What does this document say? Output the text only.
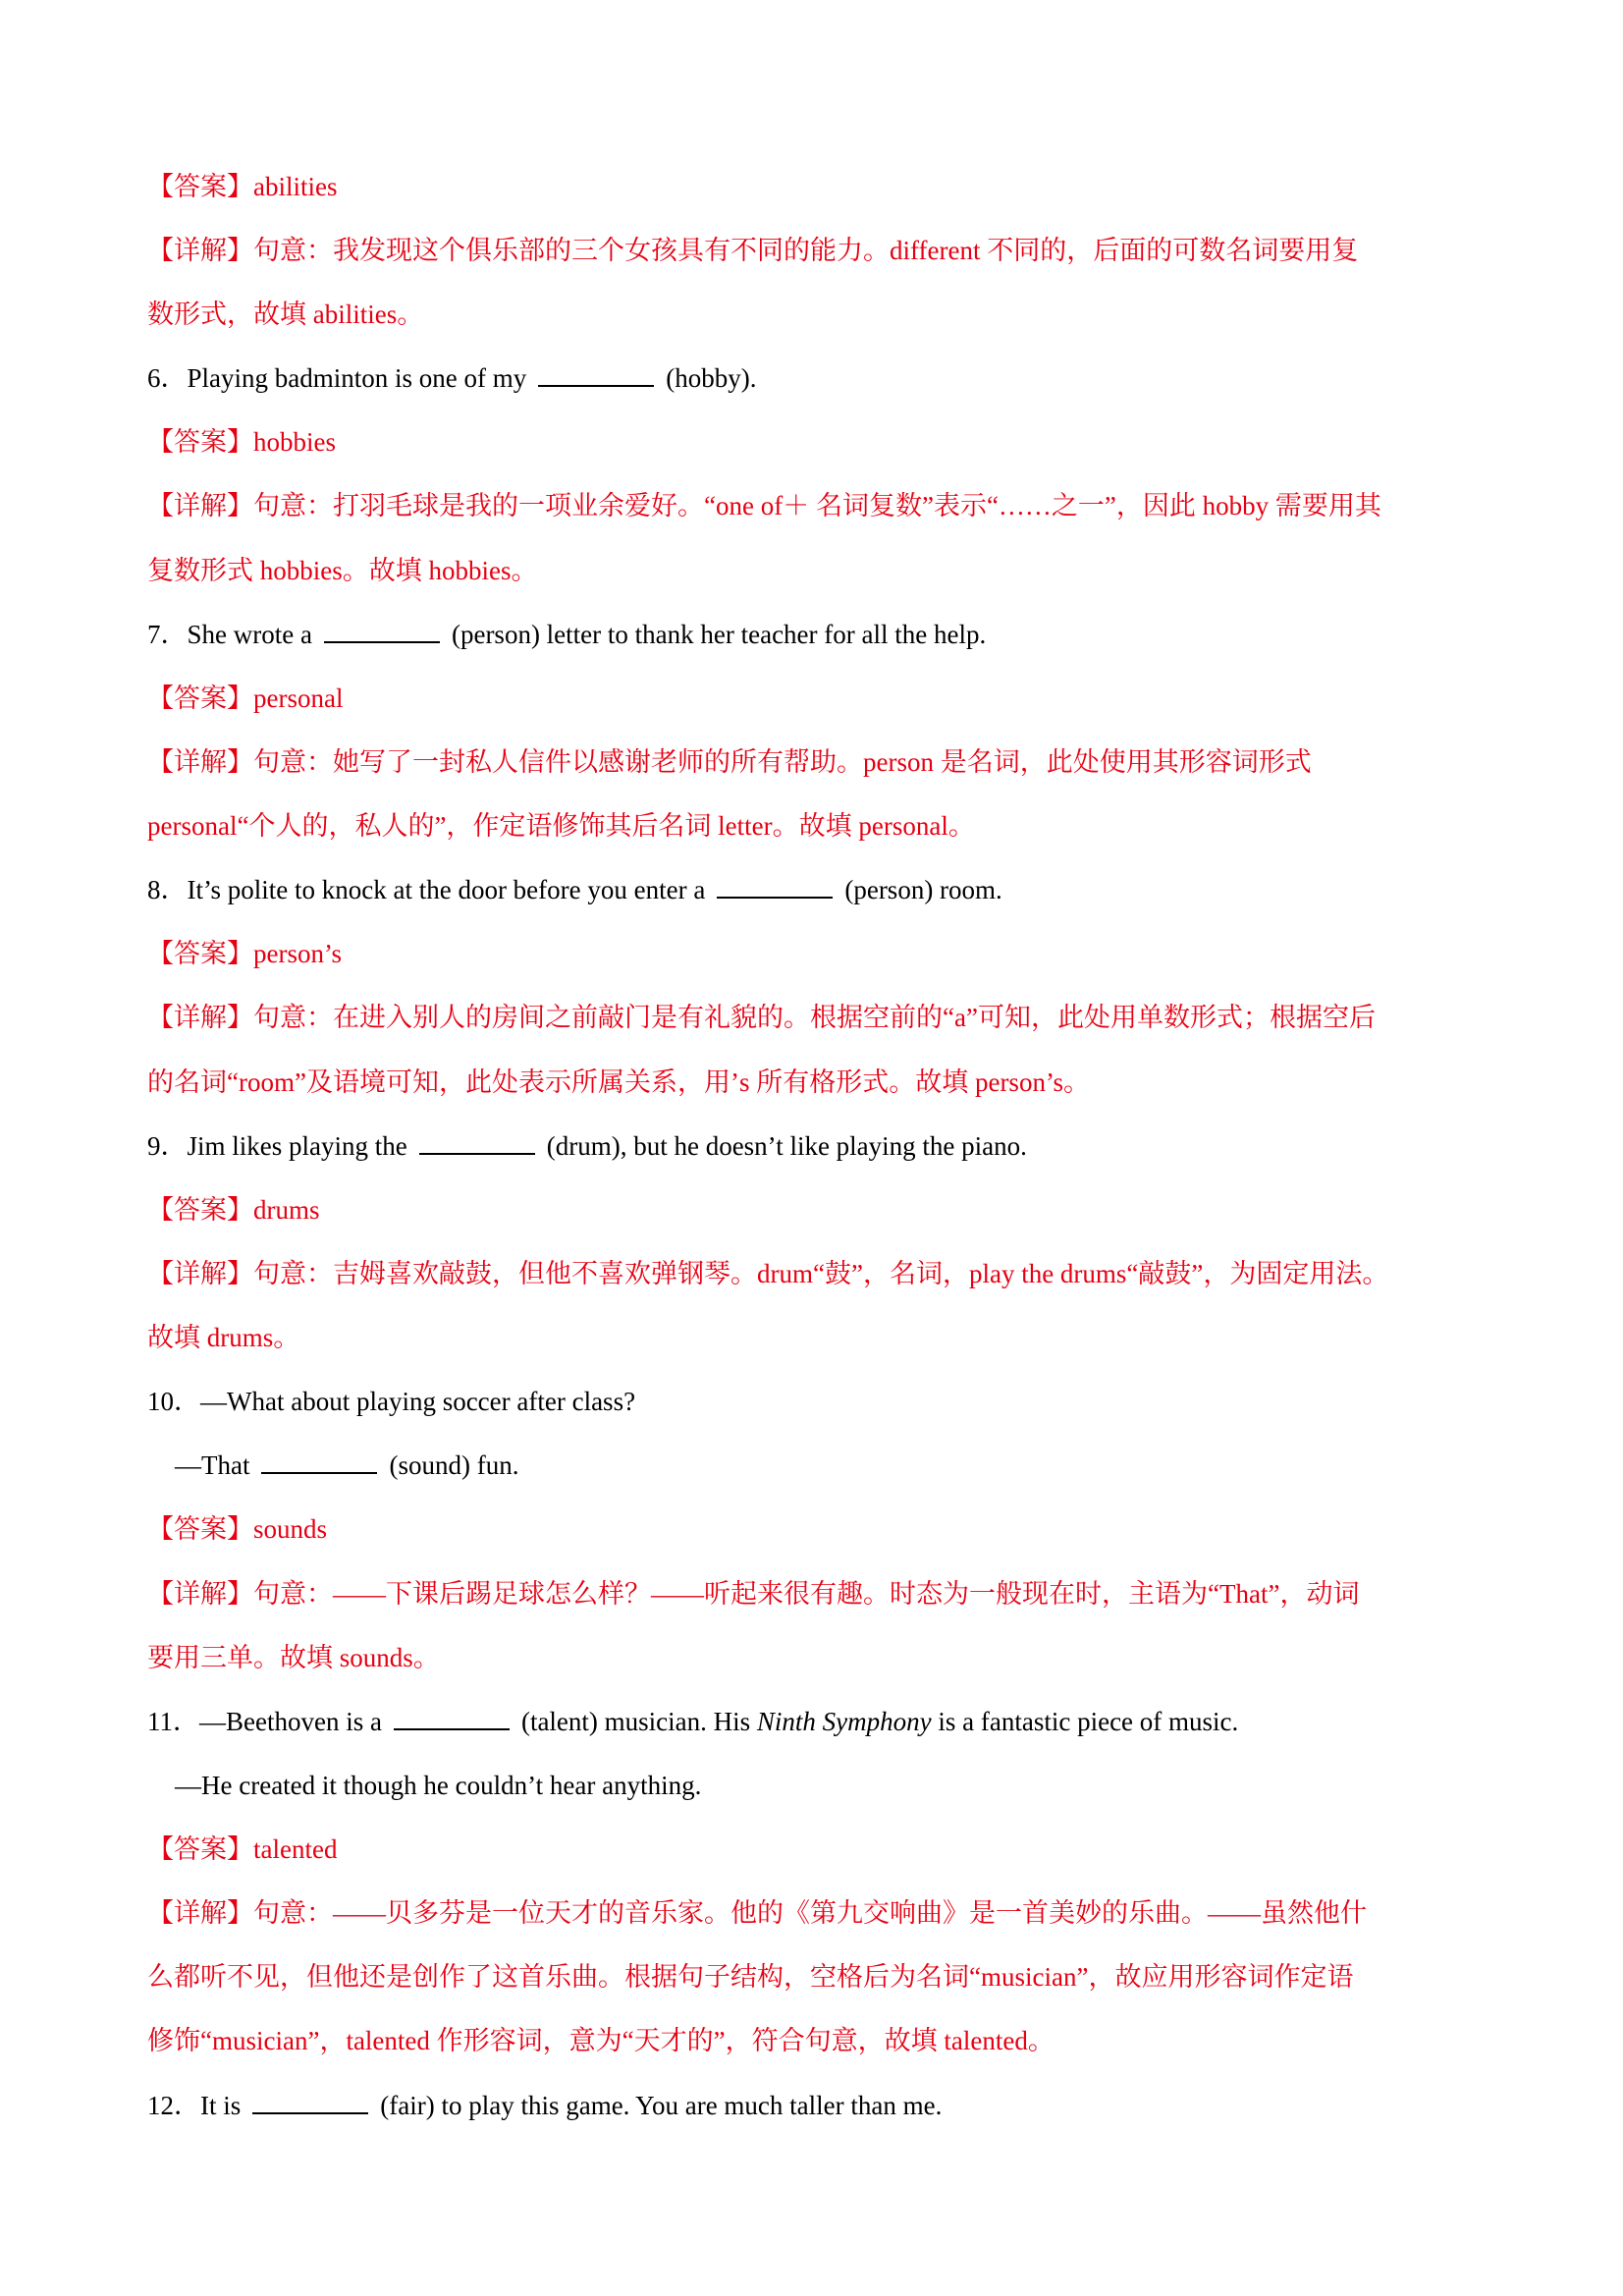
【答案】abilities
【详解】句意：我发现这个俱乐部的三个女孩具有不同的能力。different 不同的，后面的可数名词要用复
数形式，故填 abilities。
6．Playing badminton is one of my	(hobby).
【答案】hobbies
【详解】句意：打羽毛球是我的一项业余爱好。“one of＋ 名词复数”表示“……之一”，因此 hobby 需要用其
复数形式 hobbies。故填 hobbies。
7．She wrote a	(person) letter to thank her teacher for all the help.
【答案】personal
【详解】句意：她写了一封私人信件以感谢老师的所有帮助。person 是名词，此处使用其形容词形式
personal“个人的，私人的”，作定语修饰其后名词 letter。故填 personal。
8．It’s polite to knock at the door before you enter a	(person) room.
【答案】person’s
【详解】句意：在进入别人的房间之前敲门是有礼貌的。根据空前的“a”可知，此处用单数形式；根据空后
的名词“room”及语境可知，此处表示所属关系，用’s 所有格形式。故填 person’s。
9．Jim likes playing the	(drum), but he doesn’t like playing the piano.
【答案】drums
【详解】句意：吉姆喜欢敲鼓，但他不喜欢弹钢琴。drum“鼓”，名词，play the drums“敲鼓”，为固定用法。
故填 drums。
10．—What about playing soccer after class?
—That	(sound) fun.
【答案】sounds
【详解】句意：——下课后踢足球怎么样？——听起来很有趣。时态为一般现在时，主语为“That”，动词
要用三单。故填 sounds。
11．—Beethoven is a	(talent) musician. His Ninth Symphony is a fantastic piece of music.
—He created it though he couldn’t hear anything.
【答案】talented
【详解】句意：——贝多芬是一位天才的音乐家。他的《第九交响曲》是一首美妙的乐曲。——虽然他什
么都听不见，但他还是创作了这首乐曲。根据句子结构，空格后为名词“musician”，故应用形容词作定语
修饰“musician”，talented 作形容词，意为“天才的”，符合句意，故填 talented。
12．It is	(fair) to play this game. You are much taller than me.
